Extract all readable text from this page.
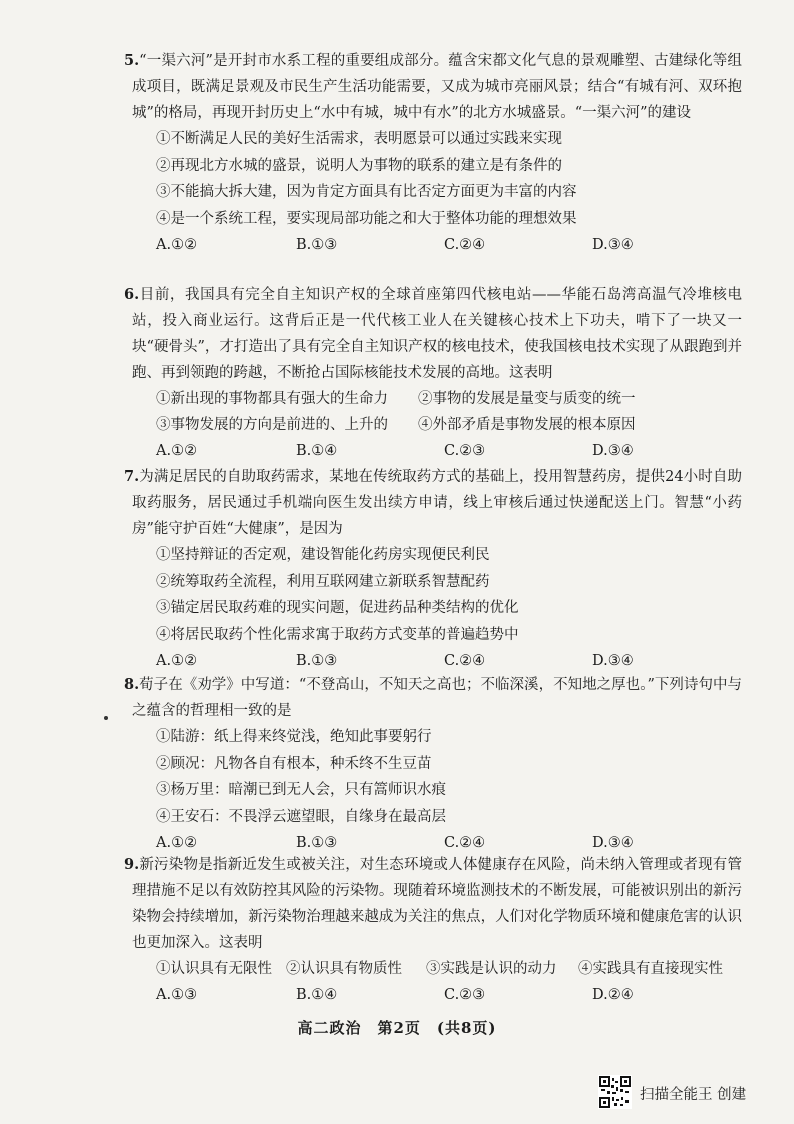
5.“一渠六河”是开封市水系工程的重要组成部分。蕴含宋都文化气息的景观雕塑、古建绿化等组成项目，既满足景观及市民生产生活功能需要，又成为城市亮丽风景；结合“有城有河、双环抱城”的格局，再现开封历史上“水中有城，城中有水”的北方水城盛景。“一渠六河”的建设
①不断满足人民的美好生活需求，表明愿景可以通过实践来实现
②再现北方水城的盛景，说明人为事物的联系的建立是有条件的
③不能搞大拆大建，因为肯定方面具有比否定方面更为丰富的内容
④是一个系统工程，要实现局部功能之和大于整体功能的理想效果
A.①②	B.①③	C.②④	D.③④
6.目前，我国具有完全自主知识产权的全球首座第四代核电站——华能石岛湾高温气冷堆核电站，投入商业运行。这背后正是一代代核工业人在关键核心技术上下功夫，啃下了一块又一块“硬骨头”，才打造出了具有完全自主知识产权的核电技术，使我国核电技术实现了从跟跑到并跑、再到领跑的跨越，不断抢占国际核能技术发展的高地。这表明
①新出现的事物都具有强大的生命力 ②事物的发展是量变与质变的统一
③事物发展的方向是前进的、上升的 ④外部矛盾是事物发展的根本原因
A.①②	B.①④	C.②③	D.③④
7.为满足居民的自助取药需求，某地在传统取药方式的基础上，投用智慧药房，提供24小时自助取药服务，居民通过手机端向医生发出续方申请，线上审核后通过快递配送上门。智慧“小药房”能守护百姓“大健康”，是因为
①坚持辩证的否定观，建设智能化药房实现便民利民
②统筹取药全流程，利用互联网建立新联系智慧配药
③锚定居民取药难的现实问题，促进药品种类结构的优化
④将居民取药个性化需求寓于取药方式变革的普遍趋势中
A.①②	B.①③	C.②④	D.③④
8.荀子在《劝学》中写道：“不登高山，不知天之高也；不临深溪，不知地之厚也。”下列诗句中与之蕴含的哲理相一致的是
①陆游：纸上得来终觉浅，绝知此事要躬行
②顾况：凡物各自有根本，种禾终不生豆苗
③杨万里：暗潮已到无人会，只有篙师识水痕
④王安石：不畏浮云遮望眼，自缘身在最高层
A.①②	B.①③	C.②④	D.③④
9.新污染物是指新近发生或被关注，对生态环境或人体健康存在风险，尚未纳入管理或者现有管理措施不足以有效防控其风险的污染物。现随着环境监测技术的不断发展，可能被识别出的新污染物会持续增加，新污染物治理越来越成为关注的焦点，人们对化学物质环境和健康危害的认识也更加深入。这表明
①认识具有无限性 ②认识具有物质性 ③实践是认识的动力 ④实践具有直接现实性
A.①③	B.①④	C.②③	D.②④
高二政治　第2页　(共8页)
扫描全能王 创建
